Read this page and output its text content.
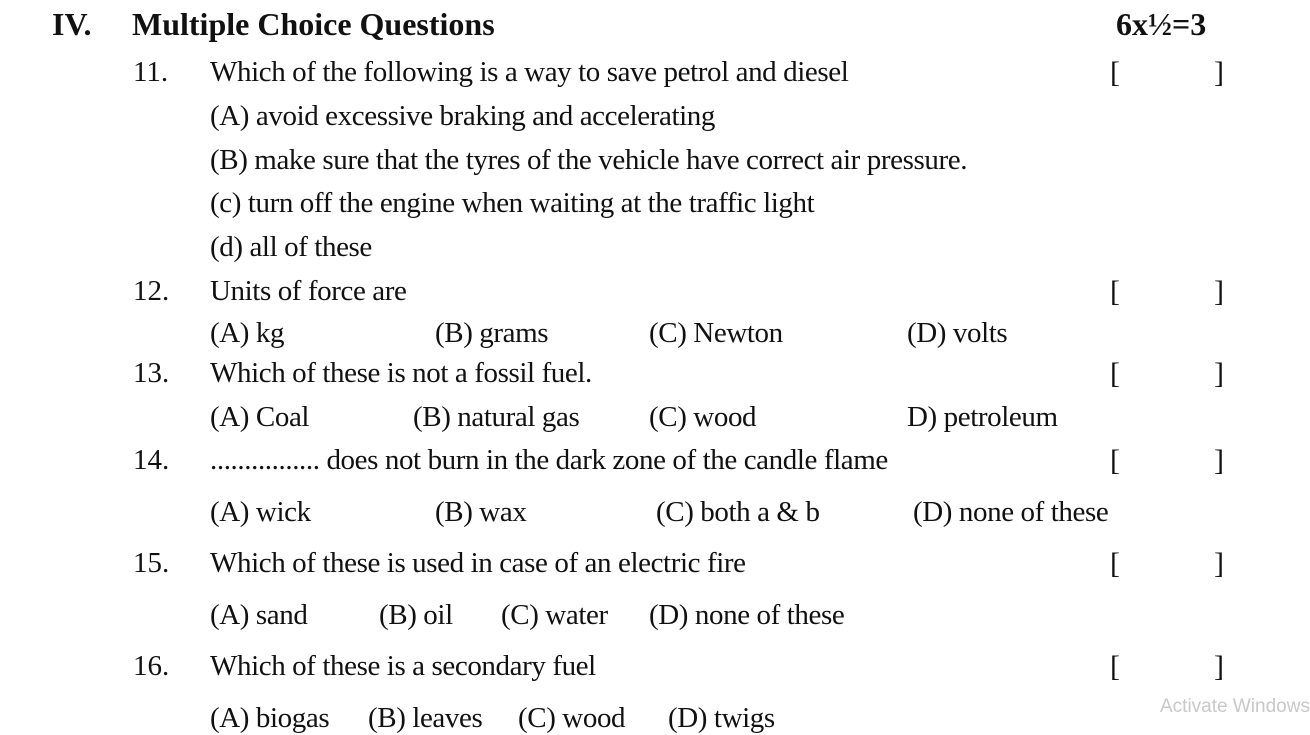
IV. Multiple Choice Questions	6x½=3
11. Which of the following is a way to save petrol and diesel	[	]
(A) avoid excessive braking and accelerating
(B) make sure that the tyres of the vehicle have correct air pressure.
(c) turn off the engine when waiting at the traffic light
(d) all of these
12. Units of force are	[	]
(A) kg	(B) grams	(C) Newton	(D) volts
13. Which of these is not a fossil fuel.	[	]
(A) Coal	(B) natural gas (C) wood	D) petroleum
14. ................ does not burn in the dark zone of the candle flame	[	]
(A) wick	(B) wax	(C) both a & b	(D) none of these
15. Which of these is used in case of an electric fire	[	]
(A) sand (B) oil (C) water (D) none of these
16. Which of these is a secondary fuel	[	]
(A) biogas (B) leaves (C) wood (D) twigs	Activate Windows
